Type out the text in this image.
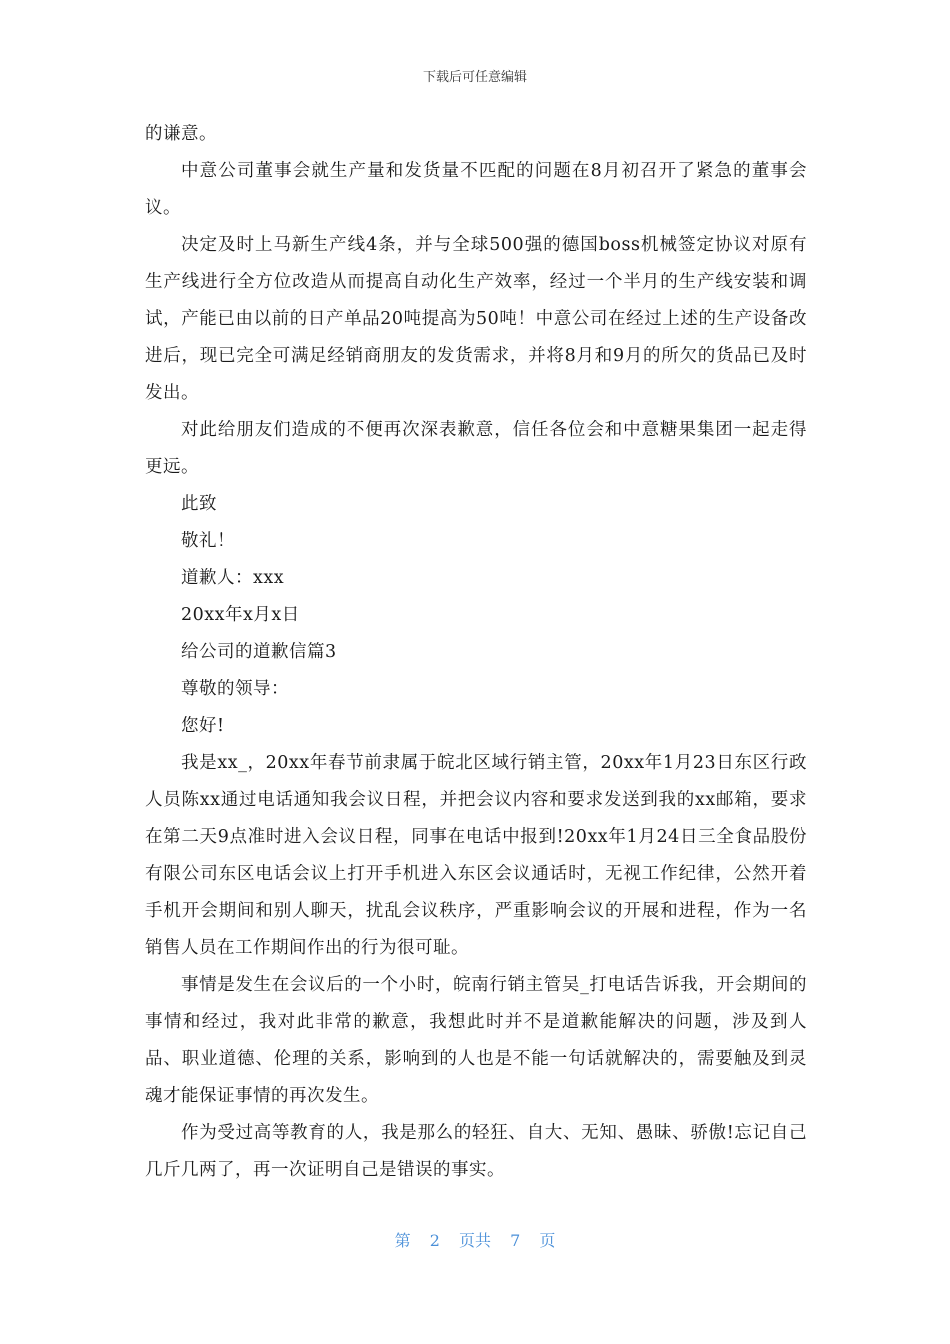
下载后可任意编辑

的谦意。

中意公司董事会就生产量和发货量不匹配的问题在8月初召开了紧急的董事会议。

决定及时上马新生产线4条，并与全球500强的德国boss机械签定协议对原有生产线进行全方位改造从而提高自动化生产效率，经过一个半月的生产线安装和调试，产能已由以前的日产单品20吨提高为50吨！中意公司在经过上述的生产设备改进后，现已完全可满足经销商朋友的发货需求，并将8月和9月的所欠的货品已及时发出。

对此给朋友们造成的不便再次深表歉意，信任各位会和中意糖果集团一起走得更远。

此致

敬礼！

道歉人：xxx

20xx年x月x日

给公司的道歉信篇3

尊敬的领导：

您好!

我是xx_，20xx年春节前隶属于皖北区域行销主管，20xx年1月23日东区行政人员陈xx通过电话通知我会议日程，并把会议内容和要求发送到我的xx邮箱，要求在第二天9点准时进入会议日程，同事在电话中报到!20xx年1月24日三全食品股份有限公司东区电话会议上打开手机进入东区会议通话时，无视工作纪律，公然开着手机开会期间和别人聊天，扰乱会议秩序，严重影响会议的开展和进程，作为一名销售人员在工作期间作出的行为很可耻。

事情是发生在会议后的一个小时，皖南行销主管吴_打电话告诉我，开会期间的事情和经过，我对此非常的歉意，我想此时并不是道歉能解决的问题，涉及到人品、职业道德、伦理的关系，影响到的人也是不能一句话就解决的，需要触及到灵魂才能保证事情的再次发生。

作为受过高等教育的人，我是那么的轻狂、自大、无知、愚昧、骄傲!忘记自己几斤几两了，再一次证明自己是错误的事实。

第 2 页共 7 页
